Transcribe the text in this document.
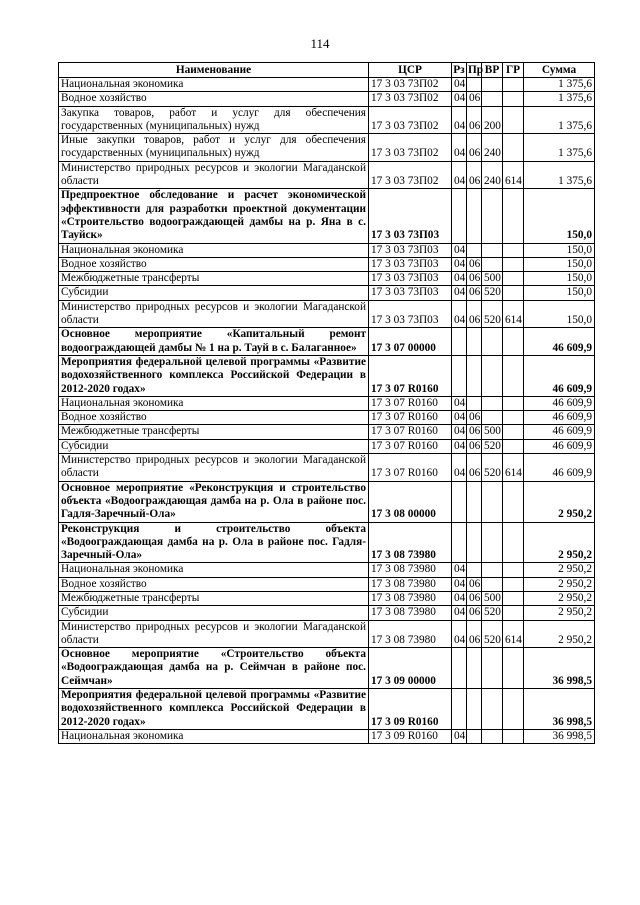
114
Наименование	ЦСР	Рз	Пр	ВР	ГР	Сумма
Национальная экономика	17 3 03 73П02	04				1 375,6
Водное хозяйство	17 3 03 73П02	04	06			1 375,6
Закупка товаров, работ и услуг для обеспечения государственных (муниципальных) нужд	17 3 03 73П02	04	06	200		1 375,6
Иные закупки товаров, работ и услуг для обеспечения государственных (муниципальных) нужд	17 3 03 73П02	04	06	240		1 375,6
Министерство природных ресурсов и экологии Магаданской области	17 3 03 73П02	04	06	240	614	1 375,6
Предпроектное обследование и расчет экономической эффективности для разработки проектной документации «Строительство водоограждающей дамбы на р. Яна в с. Тауйск»	17 3 03 73П03					150,0
Национальная экономика	17 3 03 73П03	04				150,0
Водное хозяйство	17 3 03 73П03	04	06			150,0
Межбюджетные трансферты	17 3 03 73П03	04	06	500		150,0
Субсидии	17 3 03 73П03	04	06	520		150,0
Министерство природных ресурсов и экологии Магаданской области	17 3 03 73П03	04	06	520	614	150,0
Основное мероприятие «Капитальный ремонт водоограждающей дамбы № 1 на р. Тауй в с. Балаганное»	17 3 07 00000					46 609,9
Мероприятия федеральной целевой программы «Развитие водохозяйственного комплекса Российской Федерации в 2012-2020 годах»	17 3 07 R0160					46 609,9
Национальная экономика	17 3 07 R0160	04				46 609,9
Водное хозяйство	17 3 07 R0160	04	06			46 609,9
Межбюджетные трансферты	17 3 07 R0160	04	06	500		46 609,9
Субсидии	17 3 07 R0160	04	06	520		46 609,9
Министерство природных ресурсов и экологии Магаданской области	17 3 07 R0160	04	06	520	614	46 609,9
Основное мероприятие «Реконструкция и строительство объекта «Водоограждающая дамба на р. Ола в районе пос. Гадля-Заречный-Ола»	17 3 08 00000					2 950,2
Реконструкция и строительство объекта «Водоограждающая дамба на р. Ола в районе пос. Гадля-Заречный-Ола»	17 3 08 73980					2 950,2
Национальная экономика	17 3 08 73980	04				2 950,2
Водное хозяйство	17 3 08 73980	04	06			2 950,2
Межбюджетные трансферты	17 3 08 73980	04	06	500		2 950,2
Субсидии	17 3 08 73980	04	06	520		2 950,2
Министерство природных ресурсов и экологии Магаданской области	17 3 08 73980	04	06	520	614	2 950,2
Основное мероприятие «Строительство объекта «Водоограждающая дамба на р. Сеймчан в районе пос. Сеймчан»	17 3 09 00000					36 998,5
Мероприятия федеральной целевой программы «Развитие водохозяйственного комплекса Российской Федерации в 2012-2020 годах»	17 3 09 R0160					36 998,5
Национальная экономика	17 3 09 R0160	04				36 998,5
